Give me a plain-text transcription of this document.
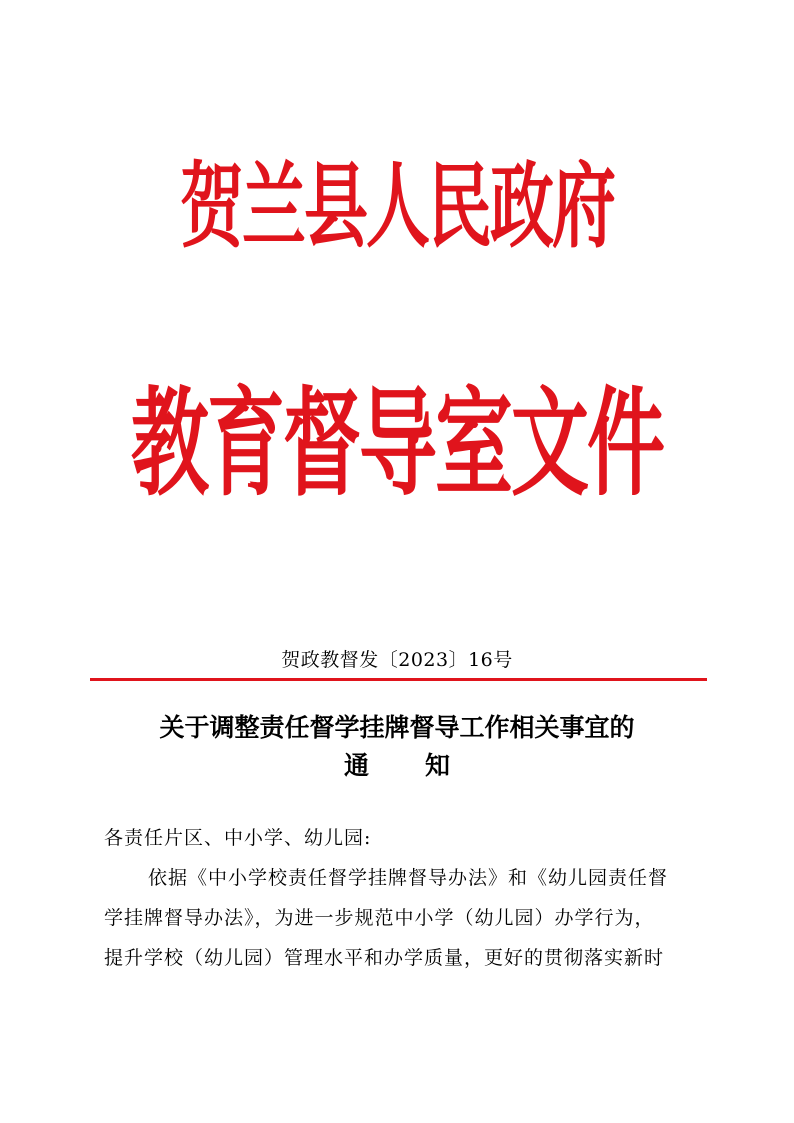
贺兰县人民政府
教育督导室文件
贺政教督发〔2023〕16号
关于调整责任督学挂牌督导工作相关事宜的
通 知
各责任片区、中小学、幼儿园:
依据《中小学校责任督学挂牌督导办法》和《幼儿园责任督
学挂牌督导办法》，为进一步规范中小学（幼儿园）办学行为，
提升学校（幼儿园）管理水平和办学质量，更好的贯彻落实新时
